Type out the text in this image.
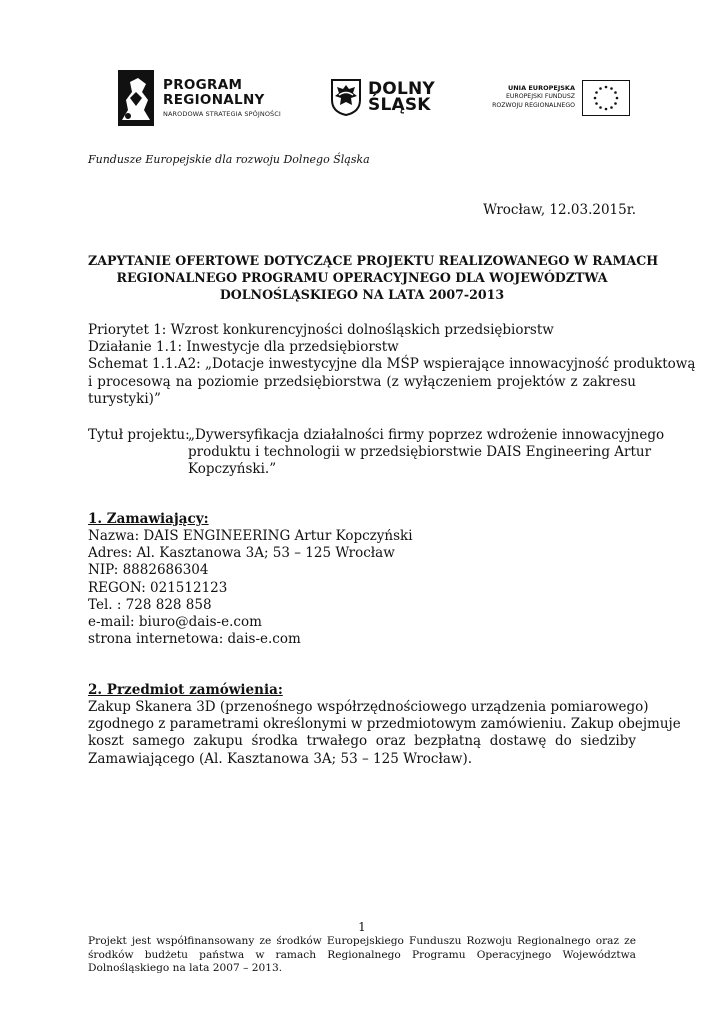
PROGRAM
REGIONALNY
NARODOWA STRATEGIA SPÓJNOŚCI
DOLNY
ŚLĄSK
UNIA EUROPEJSKA
EUROPEJSKI FUNDUSZ
ROZWOJU REGIONALNEGO
Fundusze Europejskie dla rozwoju Dolnego Śląska
Wrocław, 12.03.2015r.
ZAPYTANIE OFERTOWE DOTYCZĄCE PROJEKTU REALIZOWANEGO W RAMACH
REGIONALNEGO PROGRAMU OPERACYJNEGO DLA WOJEWÓDZTWA
DOLNOŚLĄSKIEGO NA LATA 2007-2013
Priorytet 1: Wzrost konkurencyjności dolnośląskich przedsiębiorstw
Działanie 1.1: Inwestycje dla przedsiębiorstw
Schemat 1.1.A2: „Dotacje inwestycyjne dla MŚP wspierające innowacyjność produktową
i procesową na poziomie przedsiębiorstwa (z wyłączeniem projektów z zakresu
turystyki)”
Tytuł projektu:
„Dywersyfikacja działalności firmy poprzez wdrożenie innowacyjnego
produktu i technologii w przedsiębiorstwie DAIS Engineering Artur
Kopczyński.”
1. Zamawiający:
Nazwa: DAIS ENGINEERING Artur Kopczyński
Adres: Al. Kasztanowa 3A; 53 – 125 Wrocław
NIP: 8882686304
REGON: 021512123
Tel. : 728 828 858
e-mail: biuro@dais-e.com
strona internetowa: dais-e.com
2. Przedmiot zamówienia:
Zakup Skanera 3D (przenośnego współrzędnościowego urządzenia pomiarowego)
zgodnego z parametrami określonymi w przedmiotowym zamówieniu. Zakup obejmuje
koszt samego zakupu środka trwałego oraz bezpłatną dostawę do siedziby
Zamawiającego (Al. Kasztanowa 3A; 53 – 125 Wrocław).
1
Projekt jest współfinansowany ze środków Europejskiego Funduszu Rozwoju Regionalnego oraz ze
środków budżetu państwa w ramach Regionalnego Programu Operacyjnego Województwa
Dolnośląskiego na lata 2007 – 2013.
